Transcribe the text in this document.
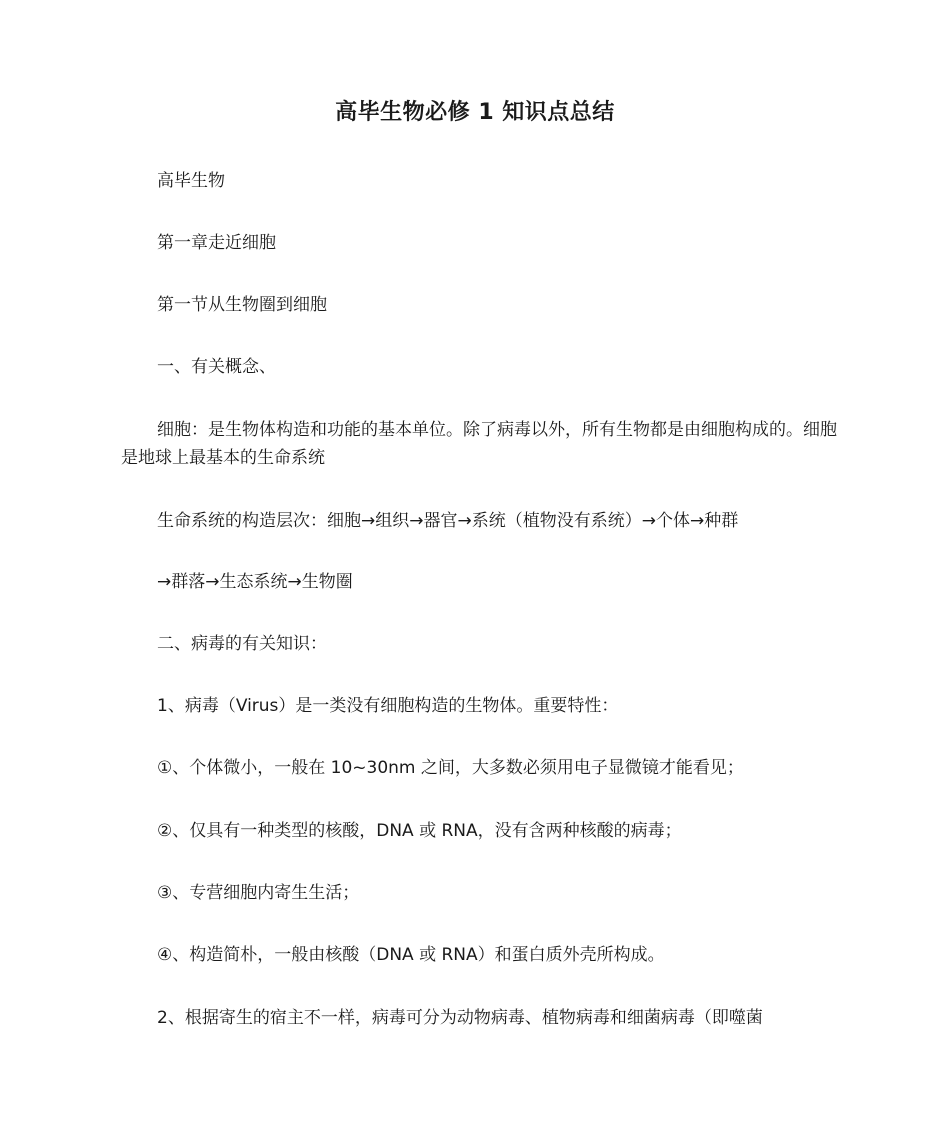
高毕生物必修 1 知识点总结

高毕生物

第一章走近细胞

第一节从生物圈到细胞

一、有关概念、

细胞：是生物体构造和功能的基本单位。除了病毒以外，所有生物都是由细胞构成的。细胞是地球上最基本的生命系统

生命系统的构造层次：细胞→组织→器官→系统（植物没有系统）→个体→种群

→群落→生态系统→生物圈

二、病毒的有关知识：

1、病毒（Virus）是一类没有细胞构造的生物体。重要特性：

①、个体微小，一般在 10~30nm 之间，大多数必须用电子显微镜才能看见；

②、仅具有一种类型的核酸，DNA 或 RNA，没有含两种核酸的病毒；

③、专营细胞内寄生生活；

④、构造简朴，一般由核酸（DNA 或 RNA）和蛋白质外壳所构成。

2、根据寄生的宿主不一样，病毒可分为动物病毒、植物病毒和细菌病毒（即噬菌
